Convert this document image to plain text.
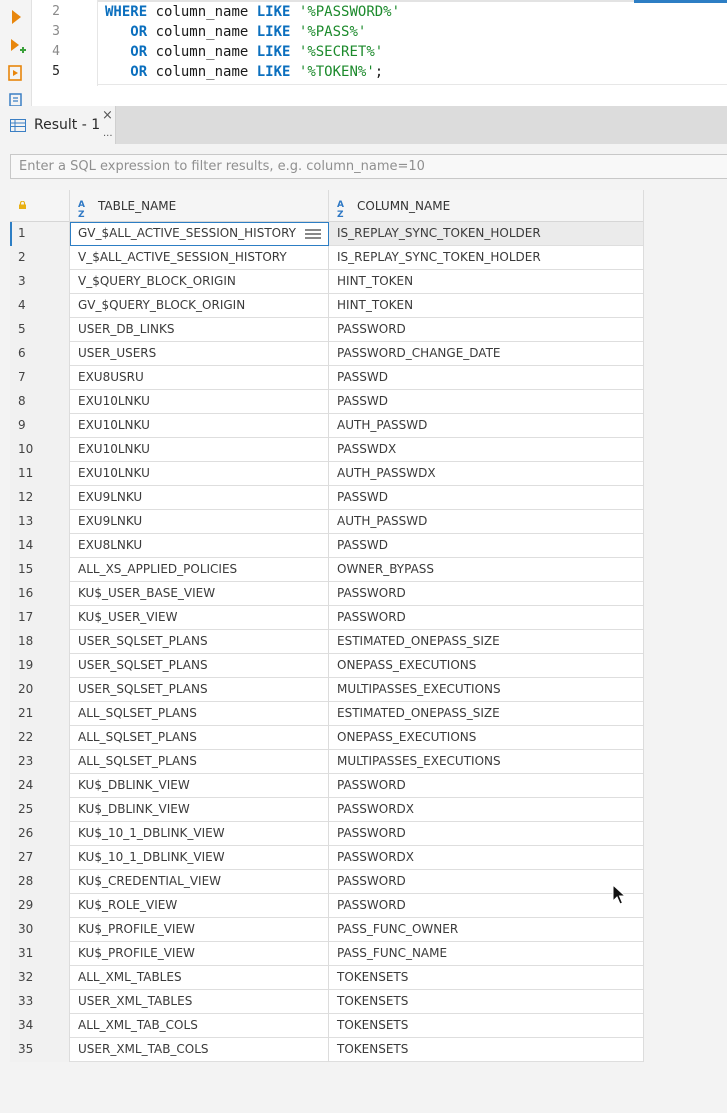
2
3
4
5
WHERE column_name LIKE '%PASSWORD%'
OR column_name LIKE '%PASS%'
OR column_name LIKE '%SECRET%'
OR column_name LIKE '%TOKEN%';
Result - 1
×
...
Enter a SQL expression to filter results, e.g. column_name=10
A
Z
TABLE_NAME	A
Z
COLUMN_NAME
1	GV_$ALL_ACTIVE_SESSION_HISTORY	IS_REPLAY_SYNC_TOKEN_HOLDER
2	V_$ALL_ACTIVE_SESSION_HISTORY	IS_REPLAY_SYNC_TOKEN_HOLDER
3	V_$QUERY_BLOCK_ORIGIN	HINT_TOKEN
4	GV_$QUERY_BLOCK_ORIGIN	HINT_TOKEN
5	USER_DB_LINKS	PASSWORD
6	USER_USERS	PASSWORD_CHANGE_DATE
7	EXU8USRU	PASSWD
8	EXU10LNKU	PASSWD
9	EXU10LNKU	AUTH_PASSWD
10	EXU10LNKU	PASSWDX
11	EXU10LNKU	AUTH_PASSWDX
12	EXU9LNKU	PASSWD
13	EXU9LNKU	AUTH_PASSWD
14	EXU8LNKU	PASSWD
15	ALL_XS_APPLIED_POLICIES	OWNER_BYPASS
16	KU$_USER_BASE_VIEW	PASSWORD
17	KU$_USER_VIEW	PASSWORD
18	USER_SQLSET_PLANS	ESTIMATED_ONEPASS_SIZE
19	USER_SQLSET_PLANS	ONEPASS_EXECUTIONS
20	USER_SQLSET_PLANS	MULTIPASSES_EXECUTIONS
21	ALL_SQLSET_PLANS	ESTIMATED_ONEPASS_SIZE
22	ALL_SQLSET_PLANS	ONEPASS_EXECUTIONS
23	ALL_SQLSET_PLANS	MULTIPASSES_EXECUTIONS
24	KU$_DBLINK_VIEW	PASSWORD
25	KU$_DBLINK_VIEW	PASSWORDX
26	KU$_10_1_DBLINK_VIEW	PASSWORD
27	KU$_10_1_DBLINK_VIEW	PASSWORDX
28	KU$_CREDENTIAL_VIEW	PASSWORD
29	KU$_ROLE_VIEW	PASSWORD
30	KU$_PROFILE_VIEW	PASS_FUNC_OWNER
31	KU$_PROFILE_VIEW	PASS_FUNC_NAME
32	ALL_XML_TABLES	TOKENSETS
33	USER_XML_TABLES	TOKENSETS
34	ALL_XML_TAB_COLS	TOKENSETS
35	USER_XML_TAB_COLS	TOKENSETS
